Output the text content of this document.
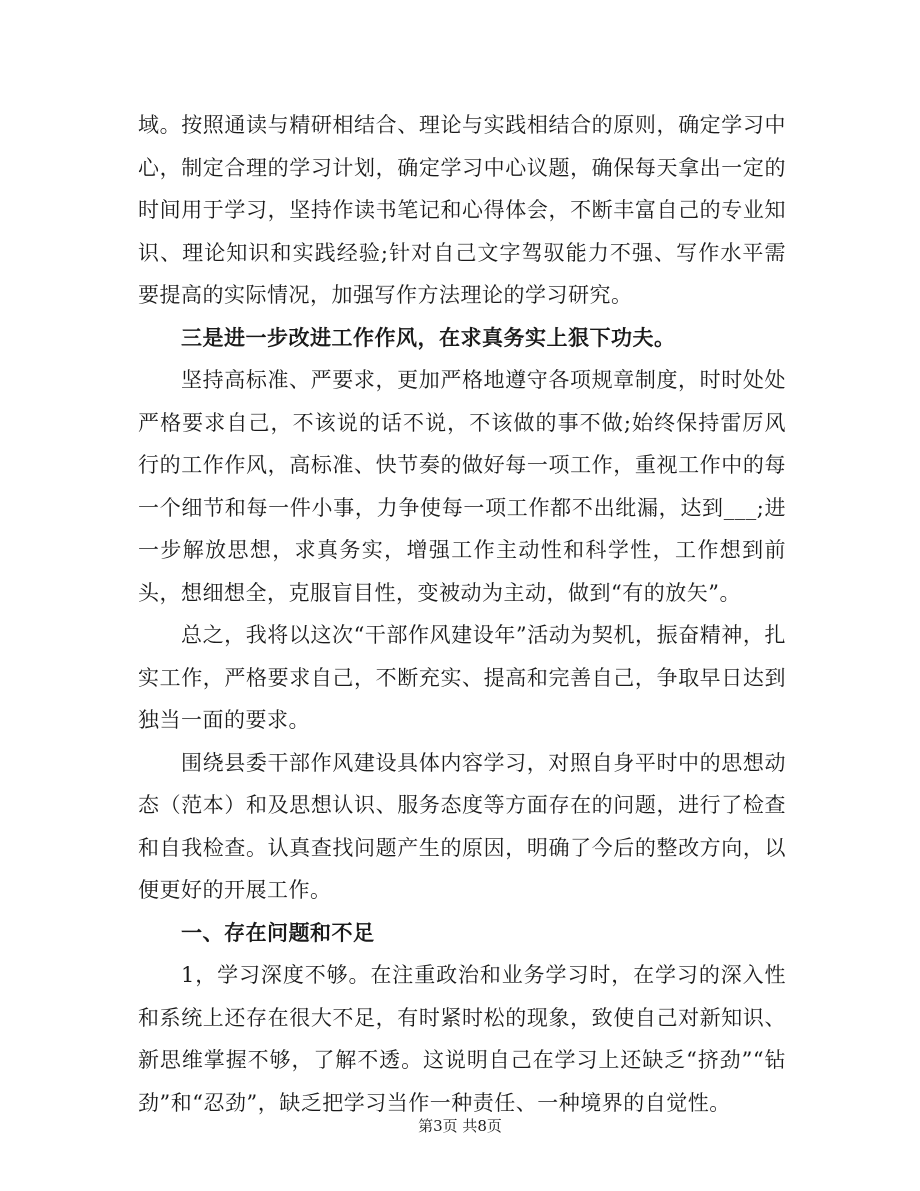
域。按照通读与精研相结合、理论与实践相结合的原则，确定学习中心，制定合理的学习计划，确定学习中心议题，确保每天拿出一定的时间用于学习，坚持作读书笔记和心得体会，不断丰富自己的专业知识、理论知识和实践经验;针对自己文字驾驭能力不强、写作水平需要提高的实际情况，加强写作方法理论的学习研究。

三是进一步改进工作作风，在求真务实上狠下功夫。

坚持高标准、严要求，更加严格地遵守各项规章制度，时时处处严格要求自己，不该说的话不说，不该做的事不做;始终保持雷厉风行的工作作风，高标准、快节奏的做好每一项工作，重视工作中的每一个细节和每一件小事，力争使每一项工作都不出纰漏，达到___;进一步解放思想，求真务实，增强工作主动性和科学性，工作想到前头，想细想全，克服盲目性，变被动为主动，做到“有的放矢”。

总之，我将以这次“干部作风建设年”活动为契机，振奋精神，扎实工作，严格要求自己，不断充实、提高和完善自己，争取早日达到独当一面的要求。

围绕县委干部作风建设具体内容学习，对照自身平时中的思想动态（范本）和及思想认识、服务态度等方面存在的问题，进行了检查和自我检查。认真查找问题产生的原因，明确了今后的整改方向，以便更好的开展工作。

一、存在问题和不足

1，学习深度不够。在注重政治和业务学习时，在学习的深入性和系统上还存在很大不足，有时紧时松的现象，致使自己对新知识、新思维掌握不够，了解不透。这说明自己在学习上还缺乏“挤劲”“钻劲”和“忍劲”，缺乏把学习当作一种责任、一种境界的自觉性。

第3页 共8页
